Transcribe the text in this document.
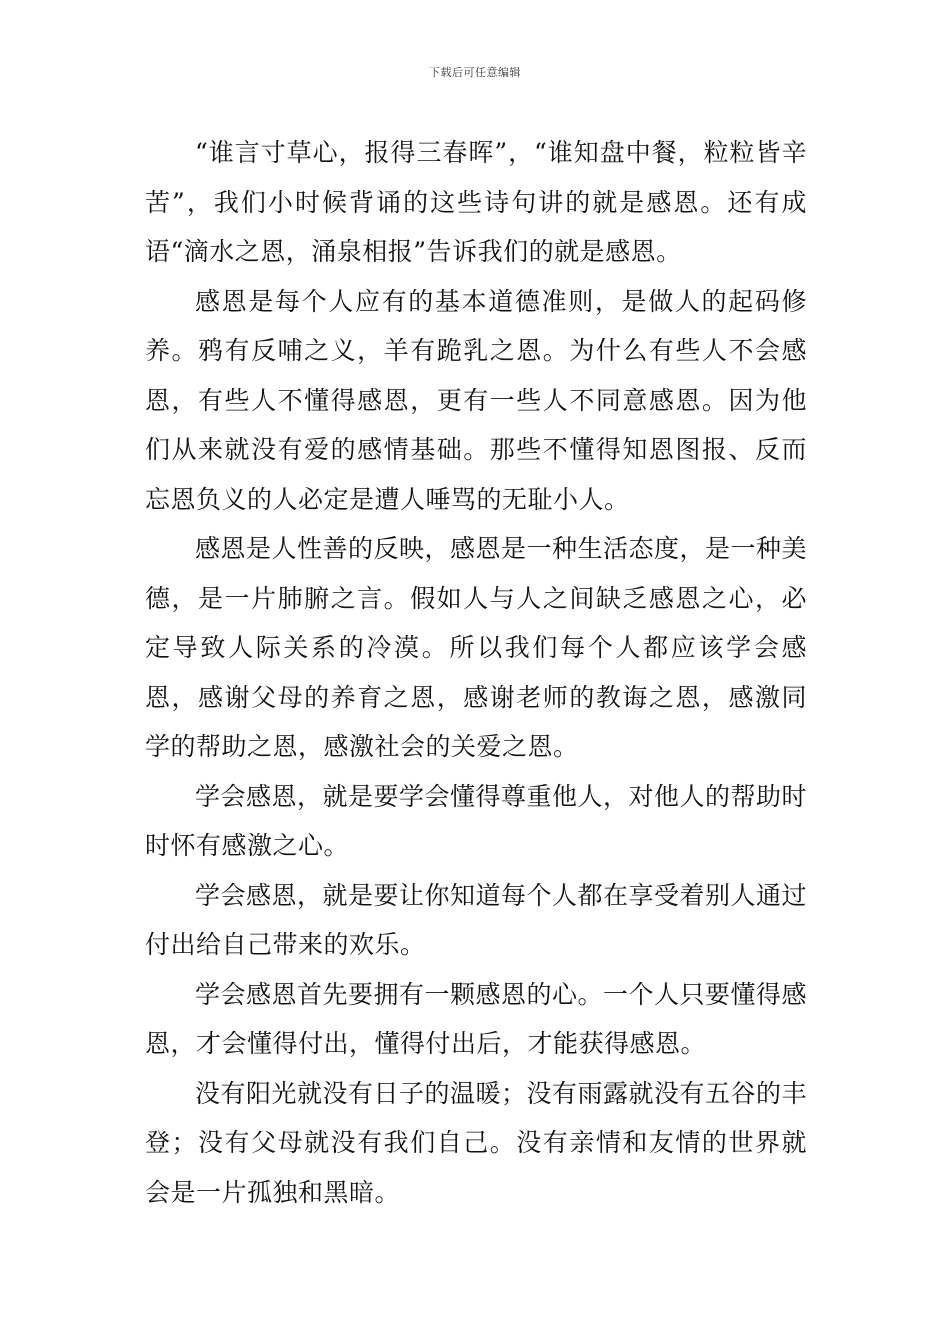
下载后可任意编辑

“谁言寸草心，报得三春晖”，“谁知盘中餐，粒粒皆辛苦”，我们小时候背诵的这些诗句讲的就是感恩。还有成语“滴水之恩，涌泉相报”告诉我们的就是感恩。

感恩是每个人应有的基本道德准则，是做人的起码修养。鸦有反哺之义，羊有跪乳之恩。为什么有些人不会感恩，有些人不懂得感恩，更有一些人不同意感恩。因为他们从来就没有爱的感情基础。那些不懂得知恩图报、反而忘恩负义的人必定是遭人唾骂的无耻小人。

感恩是人性善的反映，感恩是一种生活态度，是一种美德，是一片肺腑之言。假如人与人之间缺乏感恩之心，必定导致人际关系的冷漠。所以我们每个人都应该学会感恩，感谢父母的养育之恩，感谢老师的教诲之恩，感激同学的帮助之恩，感激社会的关爱之恩。

学会感恩，就是要学会懂得尊重他人，对他人的帮助时时怀有感激之心。

学会感恩，就是要让你知道每个人都在享受着别人通过付出给自己带来的欢乐。

学会感恩首先要拥有一颗感恩的心。一个人只要懂得感恩，才会懂得付出，懂得付出后，才能获得感恩。

没有阳光就没有日子的温暖；没有雨露就没有五谷的丰登；没有父母就没有我们自己。没有亲情和友情的世界就会是一片孤独和黑暗。
